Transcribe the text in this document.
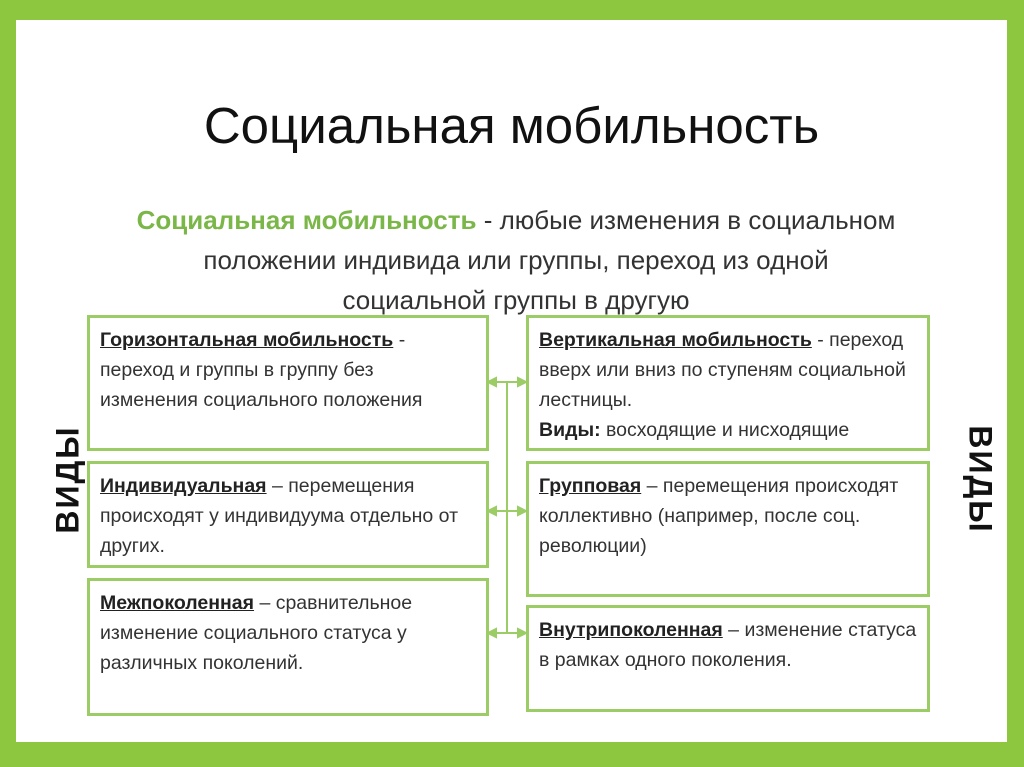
Социальная мобильность
Социальная мобильность - любые изменения в социальном положении индивида или группы, переход из одной социальной группы в другую
Горизонтальная мобильность - переход и группы в группу без изменения социального положения
Индивидуальная – перемещения происходят у индивидуума отдельно от других.
Межпоколенная – сравнительное изменение социального статуса у различных поколений.
Вертикальная мобильность - переход вверх или вниз по ступеням социальной лестницы.
Виды: восходящие и нисходящие
Групповая – перемещения происходят коллективно (например, после соц. революции)
Внутрипоколенная – изменение статуса в рамках одного поколения.
ВИДЫ	ВИДЫ
